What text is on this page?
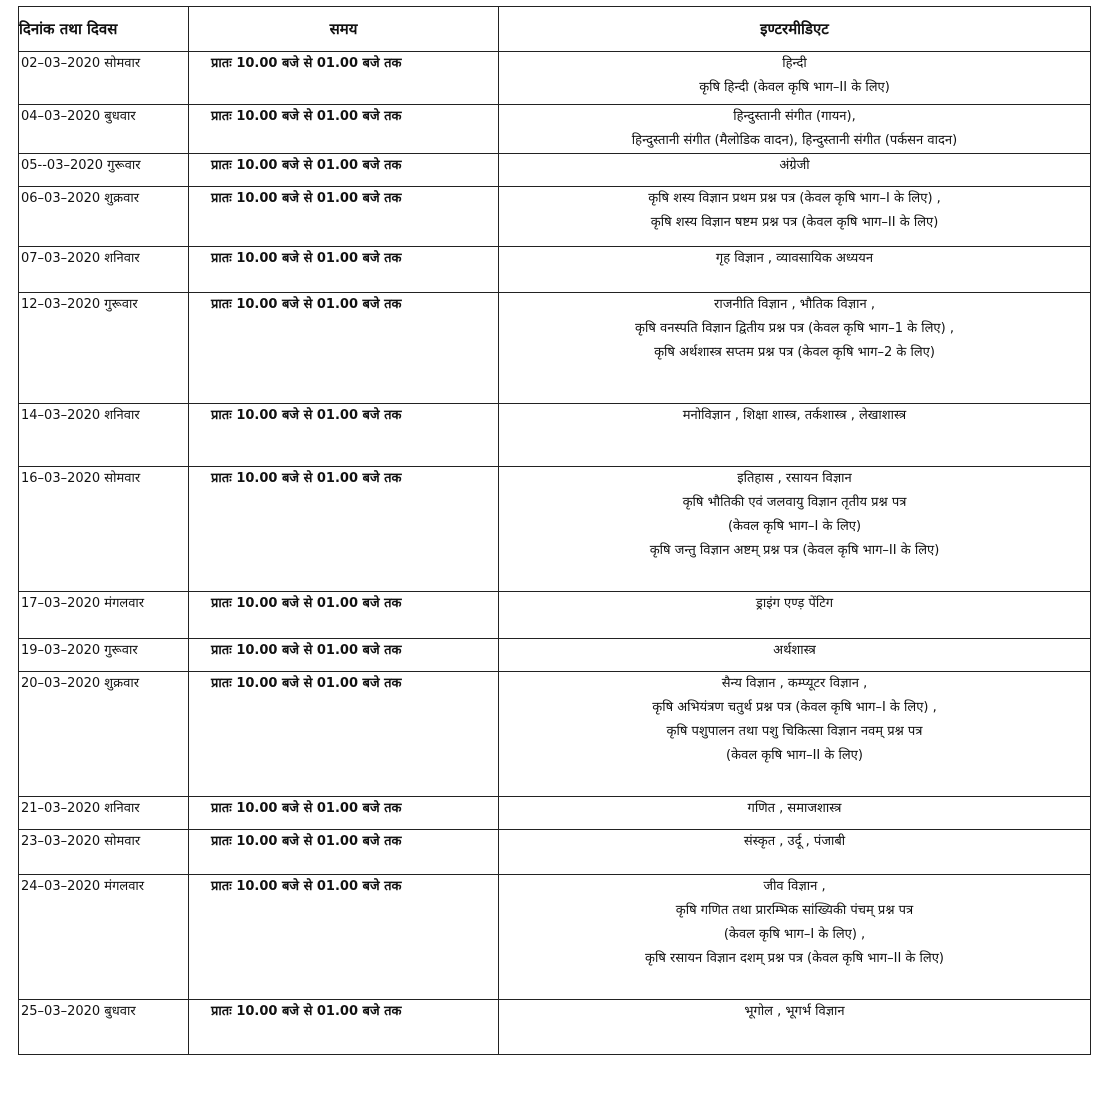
दिनांक तथा दिवस	समय	इण्टरमीडिएट
02–03–2020 सोमवार	प्रातः 10.00 बजे से 01.00 बजे तक	हिन्दी
कृषि हिन्दी (केवल कृषि भाग–II के लिए)

04–03–2020 बुधवार	प्रातः 10.00 बजे से 01.00 बजे तक	हिन्दुस्तानी संगीत (गायन),
हिन्दुस्तानी संगीत (मैलोडिक वादन), हिन्दुस्तानी संगीत (पर्कसन वादन)

05--03–2020 गुरूवार	प्रातः 10.00 बजे से 01.00 बजे तक	अंग्रेजी

06–03–2020 शुक्रवार	प्रातः 10.00 बजे से 01.00 बजे तक	कृषि शस्य विज्ञान प्रथम प्रश्न पत्र (केवल कृषि भाग–I के लिए) ,
कृषि शस्य विज्ञान षष्टम प्रश्न पत्र (केवल कृषि भाग–II के लिए)

07–03–2020 शनिवार	प्रातः 10.00 बजे से 01.00 बजे तक	गृह विज्ञान , व्यावसायिक अध्ययन

12–03–2020 गुरूवार	प्रातः 10.00 बजे से 01.00 बजे तक	राजनीति विज्ञान , भौतिक विज्ञान ,
कृषि वनस्पति विज्ञान द्वितीय प्रश्न पत्र (केवल कृषि भाग–1 के लिए) ,
कृषि अर्थशास्त्र सप्तम प्रश्न पत्र (केवल कृषि भाग–2 के लिए)

14–03–2020 शनिवार	प्रातः 10.00 बजे से 01.00 बजे तक	मनोविज्ञान , शिक्षा शास्त्र, तर्कशास्त्र , लेखाशास्त्र

16–03–2020 सोमवार	प्रातः 10.00 बजे से 01.00 बजे तक	इतिहास , रसायन विज्ञान
कृषि भौतिकी एवं जलवायु विज्ञान तृतीय प्रश्न पत्र
(केवल कृषि भाग–I के लिए)
कृषि जन्तु विज्ञान अष्टम् प्रश्न पत्र (केवल कृषि भाग–II के लिए)

17–03–2020 मंगलवार	प्रातः 10.00 बजे से 01.00 बजे तक	ड्राइंग एण्ड़ पेंटिग

19–03–2020 गुरूवार	प्रातः 10.00 बजे से 01.00 बजे तक	अर्थशास्त्र

20–03–2020 शुक्रवार	प्रातः 10.00 बजे से 01.00 बजे तक	सैन्य विज्ञान , कम्प्यूटर विज्ञान ,
कृषि अभियंत्रण चतुर्थ प्रश्न पत्र (केवल कृषि भाग–I के लिए) ,
कृषि पशुपालन तथा पशु चिकित्सा विज्ञान नवम् प्रश्न पत्र
(केवल कृषि भाग–II के लिए)

21–03–2020 शनिवार	प्रातः 10.00 बजे से 01.00 बजे तक	गणित , समाजशास्त्र

23–03–2020 सोमवार	प्रातः 10.00 बजे से 01.00 बजे तक	संस्कृत , उर्दू , पंजाबी

24–03–2020 मंगलवार	प्रातः 10.00 बजे से 01.00 बजे तक	जीव विज्ञान ,
कृषि गणित तथा प्रारम्भिक सांख्यिकी पंचम् प्रश्न पत्र
(केवल कृषि भाग–I के लिए) ,
कृषि रसायन विज्ञान दशम् प्रश्न पत्र (केवल कृषि भाग–II के लिए)

25–03–2020 बुधवार	प्रातः 10.00 बजे से 01.00 बजे तक	भूगोल , भूगर्भ विज्ञान
